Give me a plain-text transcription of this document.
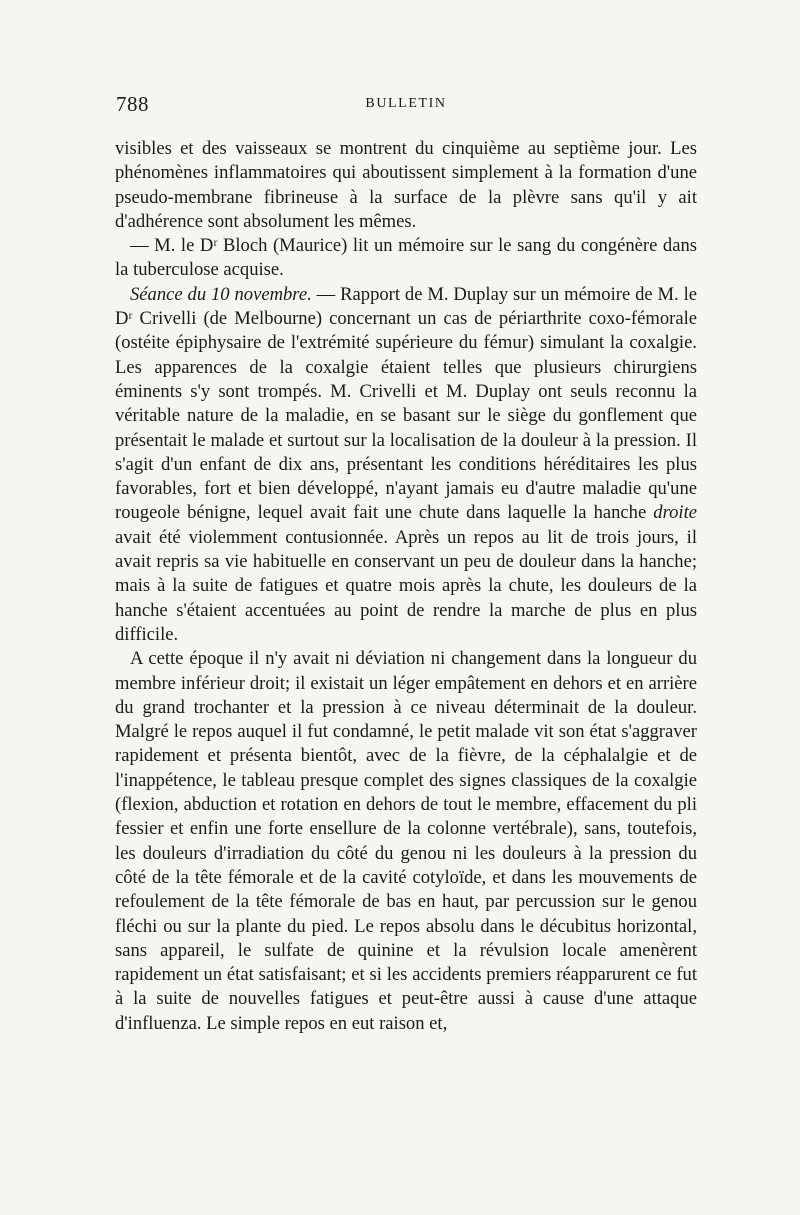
788	BULLETIN

visibles et des vaisseaux se montrent du cinquième au septième jour. Les phénomènes inflammatoires qui aboutissent simplement à la formation d'une pseudo-membrane fibrineuse à la surface de la plèvre sans qu'il y ait d'adhérence sont absolument les mêmes.

— M. le Dʳ Bloch (Maurice) lit un mémoire sur le sang du congénère dans la tuberculose acquise.

Séance du 10 novembre. — Rapport de M. Duplay sur un mémoire de M. le Dʳ Crivelli (de Melbourne) concernant un cas de périarthrite coxo-fémorale (ostéite épiphysaire de l'extrémité supérieure du fémur) simulant la coxalgie. Les apparences de la coxalgie étaient telles que plusieurs chirurgiens éminents s'y sont trompés. M. Crivelli et M. Duplay ont seuls reconnu la véritable nature de la maladie, en se basant sur le siège du gonflement que présentait le malade et surtout sur la localisation de la douleur à la pression. Il s'agit d'un enfant de dix ans, présentant les conditions héréditaires les plus favorables, fort et bien développé, n'ayant jamais eu d'autre maladie qu'une rougeole bénigne, lequel avait fait une chute dans laquelle la hanche droite avait été violemment contusionnée. Après un repos au lit de trois jours, il avait repris sa vie habituelle en conservant un peu de douleur dans la hanche; mais à la suite de fatigues et quatre mois après la chute, les douleurs de la hanche s'étaient accentuées au point de rendre la marche de plus en plus difficile.

A cette époque il n'y avait ni déviation ni changement dans la longueur du membre inférieur droit; il existait un léger empâtement en dehors et en arrière du grand trochanter et la pression à ce niveau déterminait de la douleur. Malgré le repos auquel il fut condamné, le petit malade vit son état s'aggraver rapidement et présenta bientôt, avec de la fièvre, de la céphalalgie et de l'inappétence, le tableau presque complet des signes classiques de la coxalgie (flexion, abduction et rotation en dehors de tout le membre, effacement du pli fessier et enfin une forte ensellure de la colonne vertébrale), sans, toutefois, les douleurs d'irradiation du côté du genou ni les douleurs à la pression du côté de la tête fémorale et de la cavité cotyloïde, et dans les mouvements de refoulement de la tête fémorale de bas en haut, par percussion sur le genou fléchi ou sur la plante du pied. Le repos absolu dans le décubitus horizontal, sans appareil, le sulfate de quinine et la révulsion locale amenèrent rapidement un état satisfaisant; et si les accidents premiers réapparurent ce fut à la suite de nouvelles fatigues et peut-être aussi à cause d'une attaque d'influenza. Le simple repos en eut raison et,
